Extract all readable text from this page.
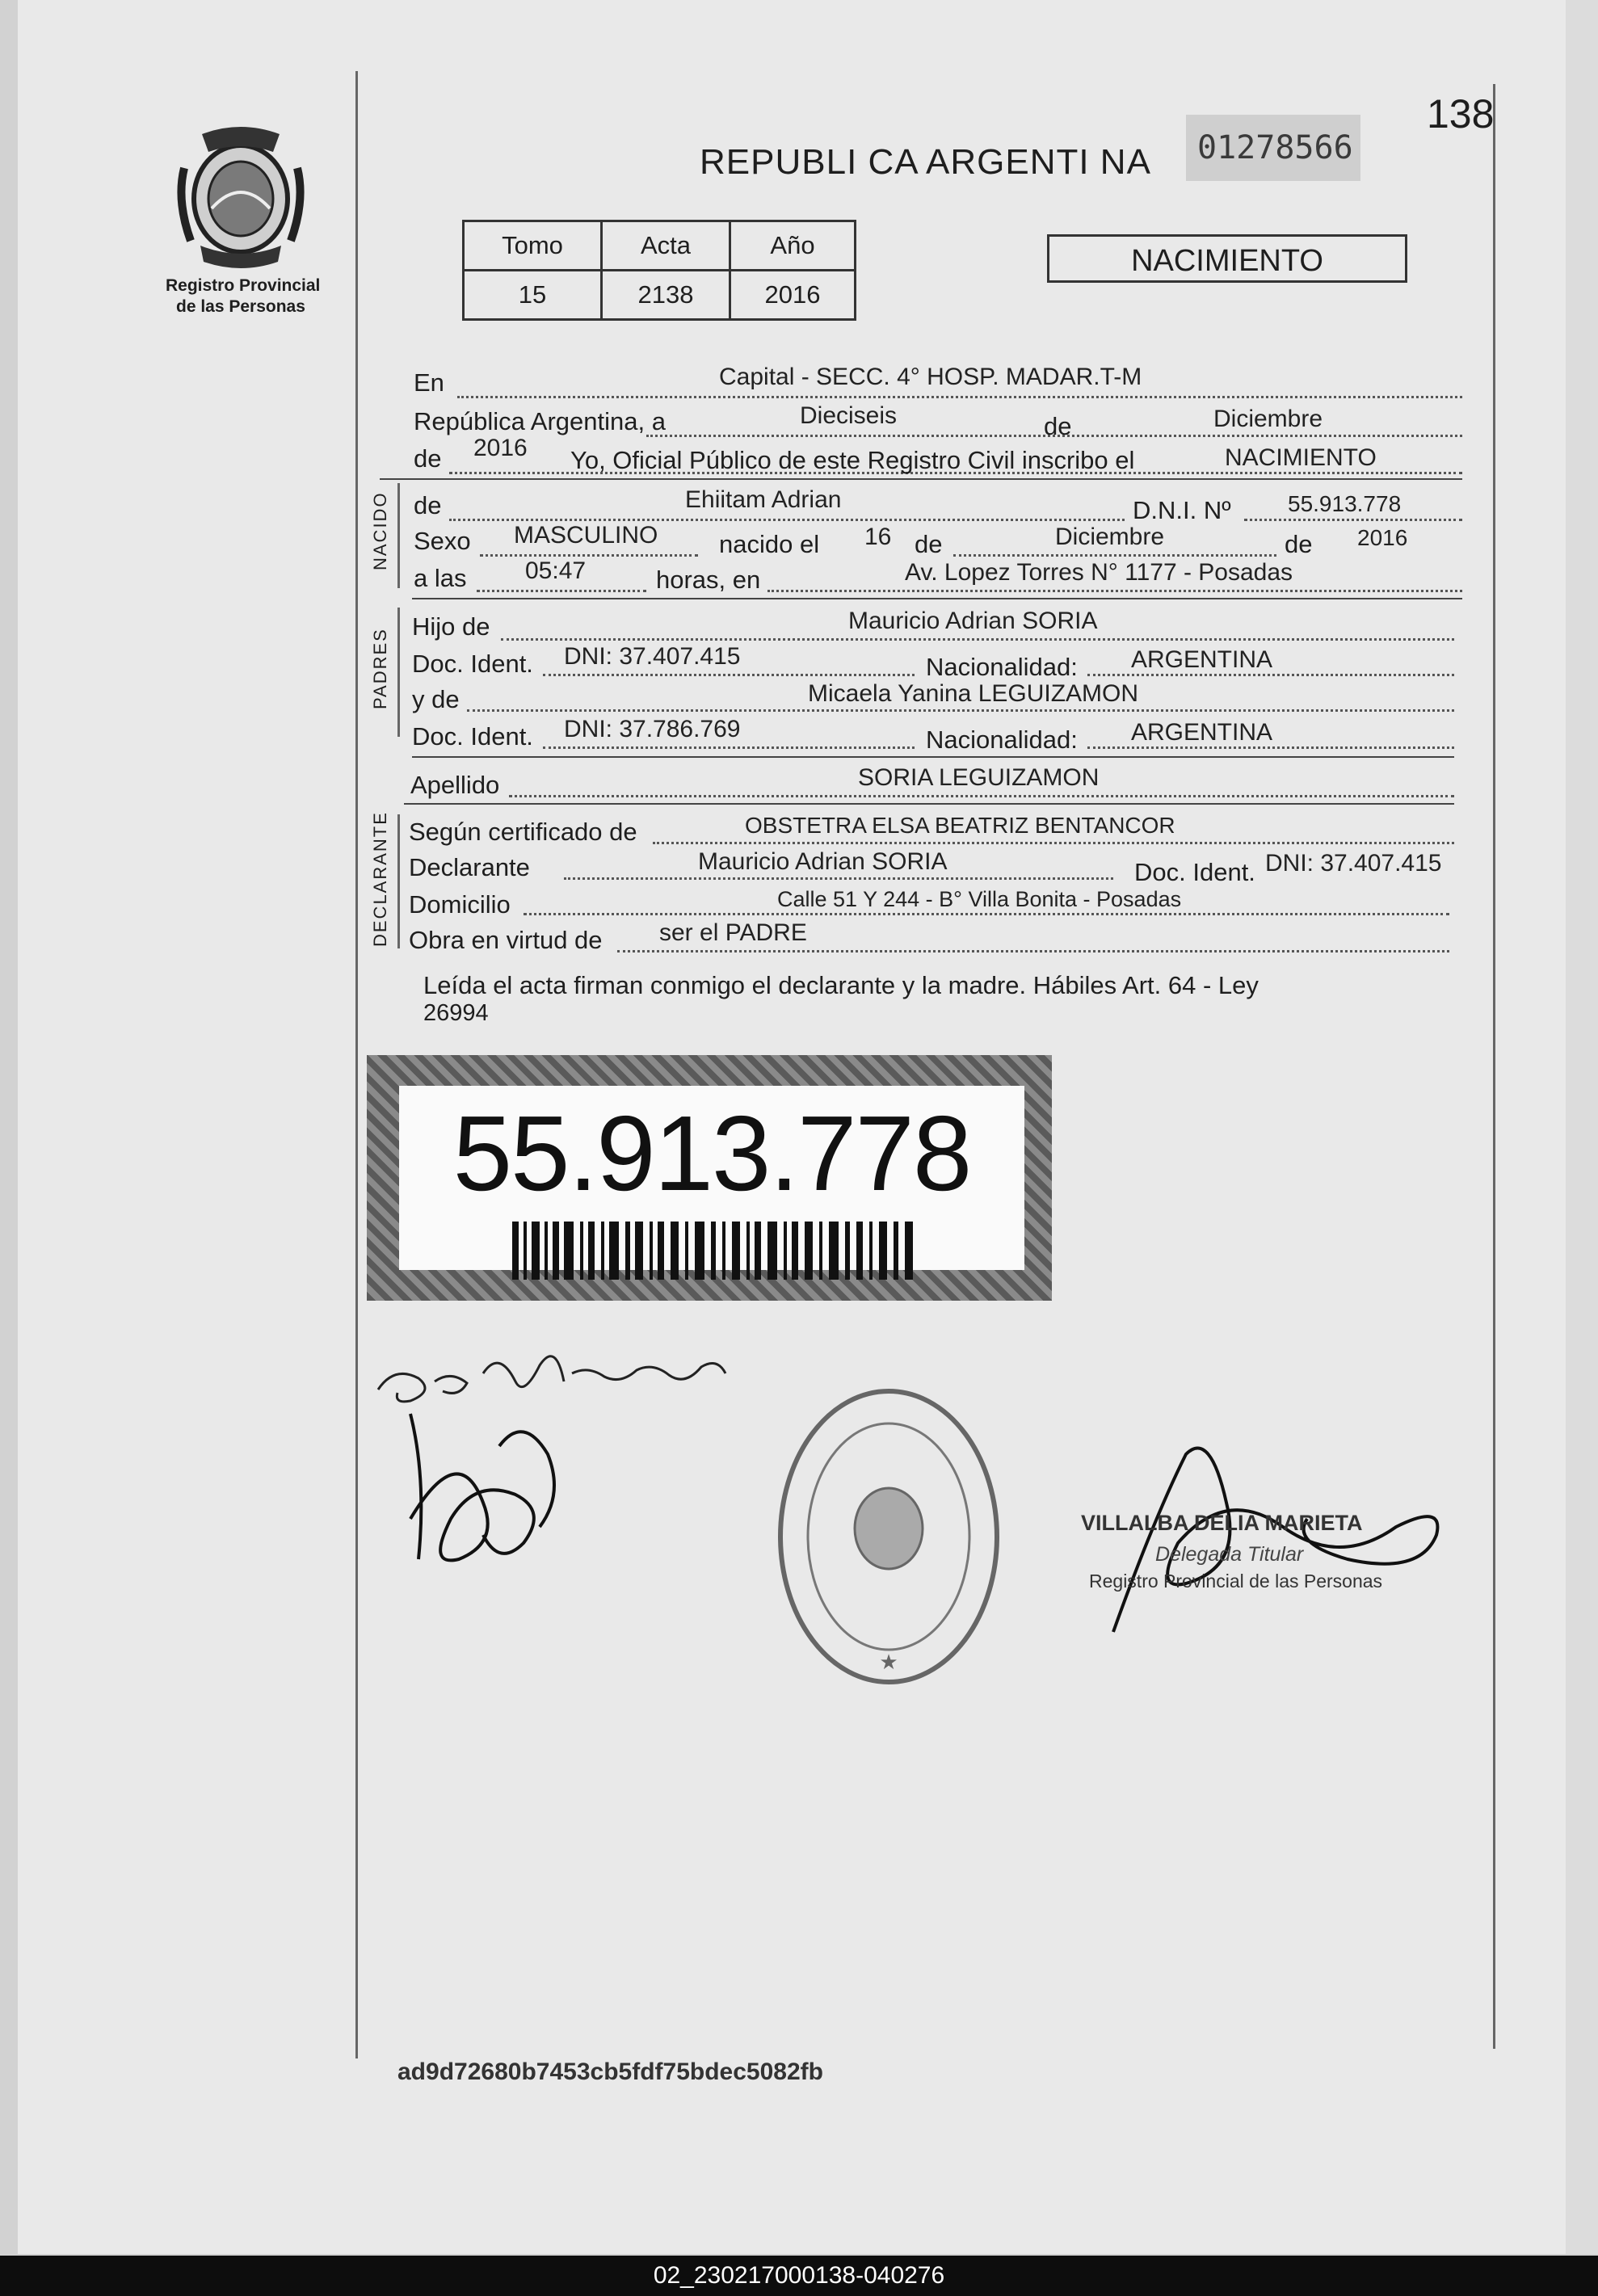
Registro Provincial
de las Personas
138
REPUBLI CA ARGENTI NA	01278566
Tomo	Acta	Año
15	2138	2016
NACIMIENTO
En	Capital - SECC. 4° HOSP. MADAR.T-M
República Argentina, a	Dieciseis	de	Diciembre
de 2016 Yo, Oficial Público de este Registro Civil inscribo el	NACIMIENTO
NACIDO de	Ehiitam Adrian	D.N.I. Nº	55.913.778
Sexo MASCULINO nacido el 16 de	Diciembre	de 2016
a las 05:47	horas, en	Av. Lopez Torres N° 1177 - Posadas
PADRES
Hijo de	Mauricio Adrian SORIA
Doc. Ident. DNI: 37.407.415	Nacionalidad: ARGENTINA
y de	Micaela Yanina LEGUIZAMON
Doc. Ident. DNI: 37.786.769	Nacionalidad: ARGENTINA
Apellido	SORIA LEGUIZAMON
DECLARANTE Según certificado de	OBSTETRA ELSA BEATRIZ BENTANCOR
Declarante	Mauricio Adrian SORIA	Doc. Ident. DNI: 37.407.415
Domicilio	Calle 51 Y 244 - B° Villa Bonita - Posadas
Obra en virtud de ser el PADRE
Leída el acta firman conmigo el declarante y la madre. Hábiles Art. 64 - Ley
26994
55.913.778
★
VILLALBA DELIA MARIETA
Delegada Titular
Registro Provincial de las Personas
ad9d72680b7453cb5fdf75bdec5082fb
02_230217000138-040276
